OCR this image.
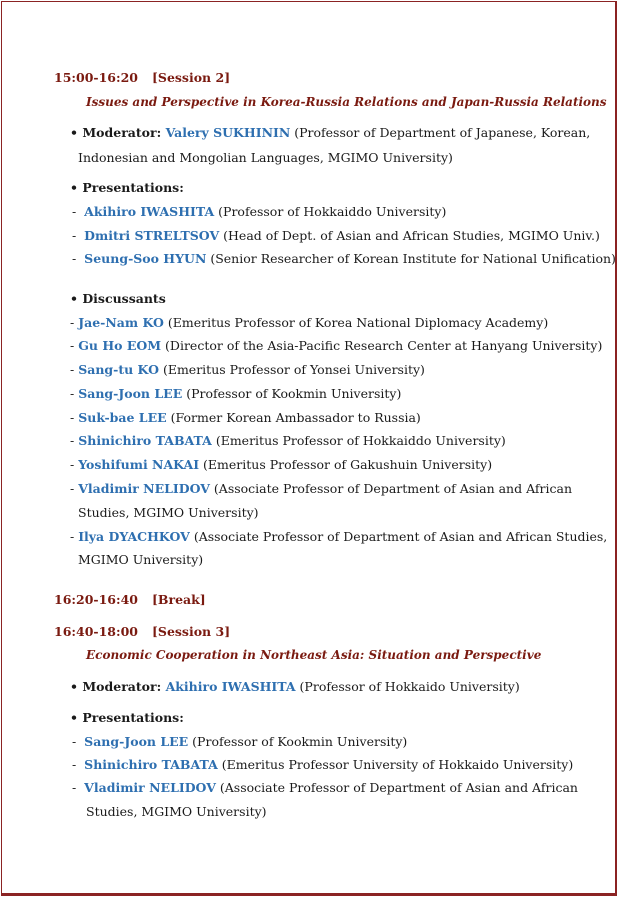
15:00-16:20 [Session 2]
Issues and Perspective in Korea-Russia Relations and Japan-Russia Relations
• Moderator: Valery SUKHININ (Professor of Department of Japanese, Korean,
Indonesian and Mongolian Languages, MGIMO University)
• Presentations:
-  Akihiro IWASHITA (Professor of Hokkaiddo University)
-  Dmitri STRELTSOV (Head of Dept. of Asian and African Studies, MGIMO Univ.)
-  Seung-Soo HYUN (Senior Researcher of Korean Institute for National Unification)
• Discussants
- Jae-Nam KO (Emeritus Professor of Korea National Diplomacy Academy)
- Gu Ho EOM (Director of the Asia-Pacific Research Center at Hanyang University)
- Sang-tu KO (Emeritus Professor of Yonsei University)
- Sang-Joon LEE (Professor of Kookmin University)
- Suk-bae LEE (Former Korean Ambassador to Russia)
- Shinichiro TABATA (Emeritus Professor of Hokkaiddo University)
- Yoshifumi NAKAI (Emeritus Professor of Gakushuin University)
- Vladimir NELIDOV (Associate Professor of Department of Asian and African
Studies, MGIMO University)
- Ilya DYACHKOV (Associate Professor of Department of Asian and African Studies,
MGIMO University)
16:20-16:40 [Break]
16:40-18:00 [Session 3]
Economic Cooperation in Northeast Asia: Situation and Perspective
• Moderator: Akihiro IWASHITA (Professor of Hokkaido University)
• Presentations:
-  Sang-Joon LEE (Professor of Kookmin University)
-  Shinichiro TABATA (Emeritus Professor University of Hokkaido University)
-  Vladimir NELIDOV (Associate Professor of Department of Asian and African
Studies, MGIMO University)
